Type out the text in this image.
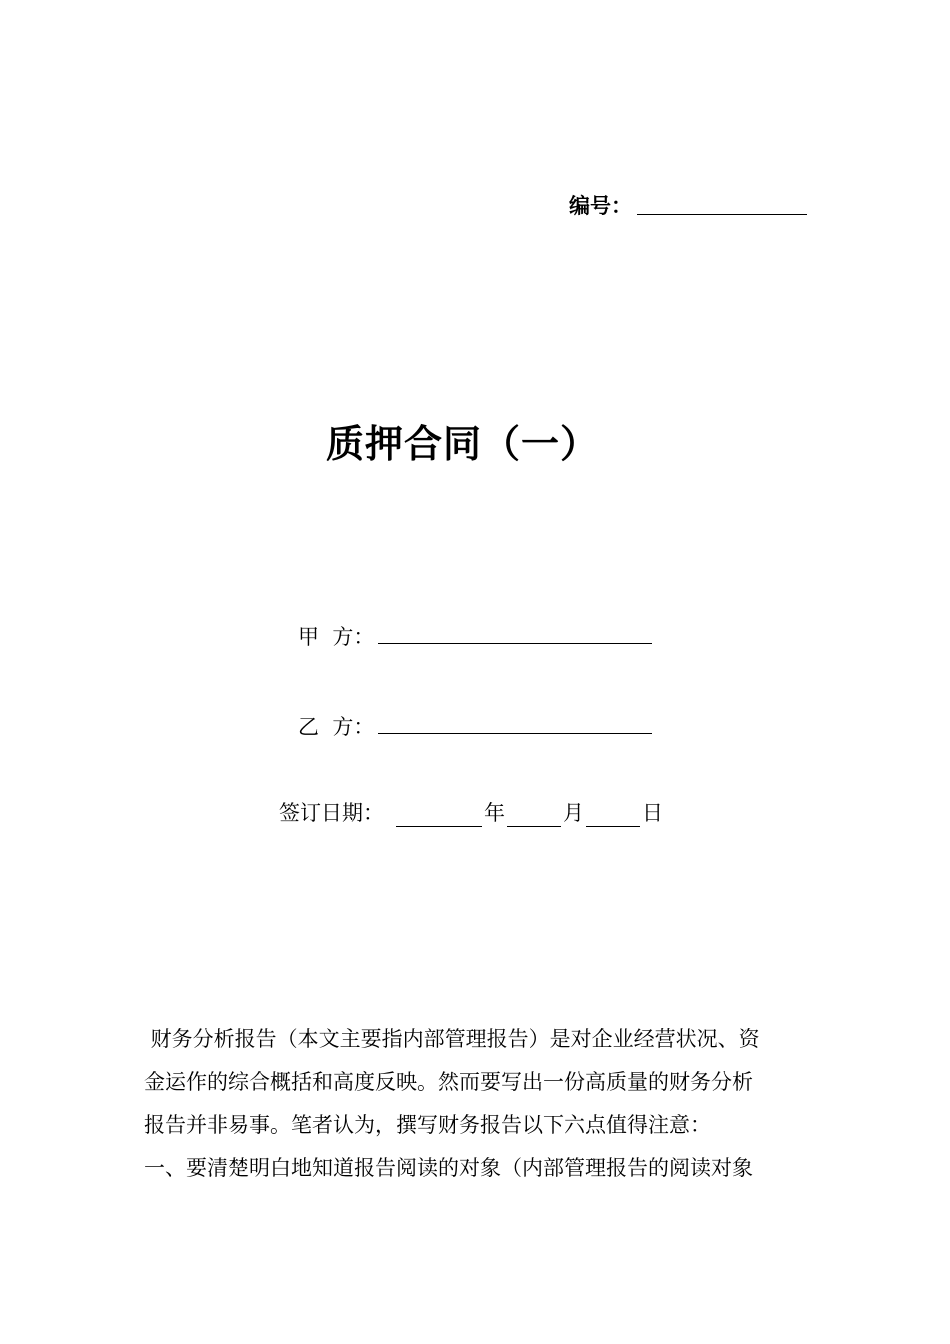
编号：
质押合同（一）
甲  方：
乙  方：
签订日期：	年	月	日

财务分析报告（本文主要指内部管理报告）是对企业经营状况、资

金运作的综合概括和高度反映。然而要写出一份高质量的财务分析

报告并非易事。笔者认为，撰写财务报告以下六点值得注意：

一、要清楚明白地知道报告阅读的对象（内部管理报告的阅读对象
